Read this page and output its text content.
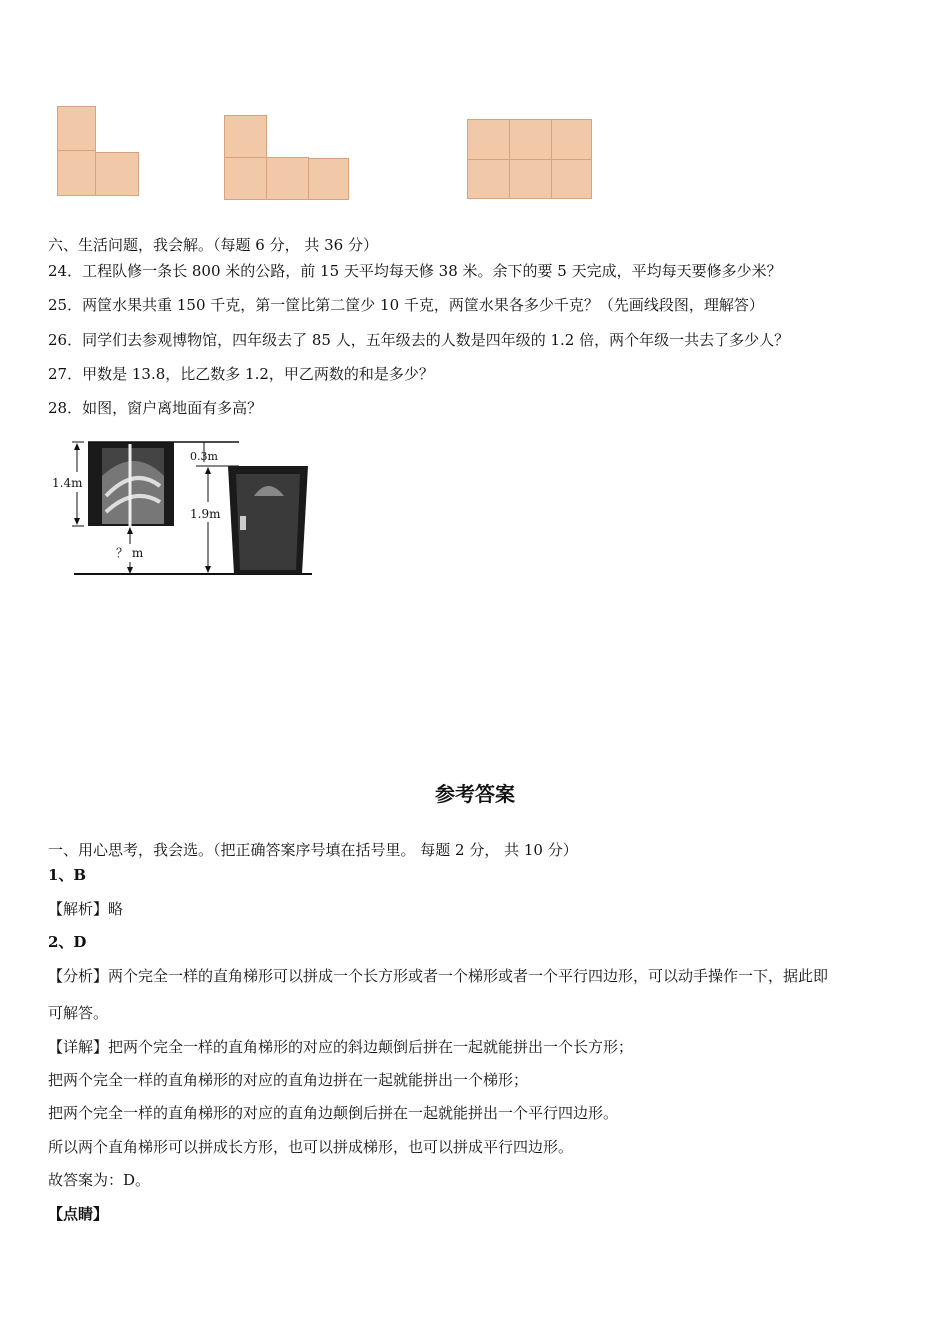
六、生活问题，我会解。（每题 6 分， 共 36 分）
24．工程队修一条长 800 米的公路，前 15 天平均每天修 38 米。余下的要 5 天完成，平均每天要修多少米？
25．两筐水果共重 150 千克，第一筐比第二筐少 10 千克，两筐水果各多少千克？（先画线段图，理解答）
26．同学们去参观博物馆，四年级去了 85 人，五年级去的人数是四年级的 1.2 倍，两个年级一共去了多少人？
27．甲数是 13.8，比乙数多 1.2，甲乙两数的和是多少？
28．如图，窗户离地面有多高？
1.4m
？ m
0.3m
1.9m
参考答案
一、用心思考，我会选。（把正确答案序号填在括号里。 每题 2 分， 共 10 分）
1、B
【解析】略
2、D
【分析】两个完全一样的直角梯形可以拼成一个长方形或者一个梯形或者一个平行四边形，可以动手操作一下，据此即
可解答。
【详解】把两个完全一样的直角梯形的对应的斜边颠倒后拼在一起就能拼出一个长方形；
把两个完全一样的直角梯形的对应的直角边拼在一起就能拼出一个梯形；
把两个完全一样的直角梯形的对应的直角边颠倒后拼在一起就能拼出一个平行四边形。
所以两个直角梯形可以拼成长方形，也可以拼成梯形，也可以拼成平行四边形。
故答案为：D。
【点睛】
